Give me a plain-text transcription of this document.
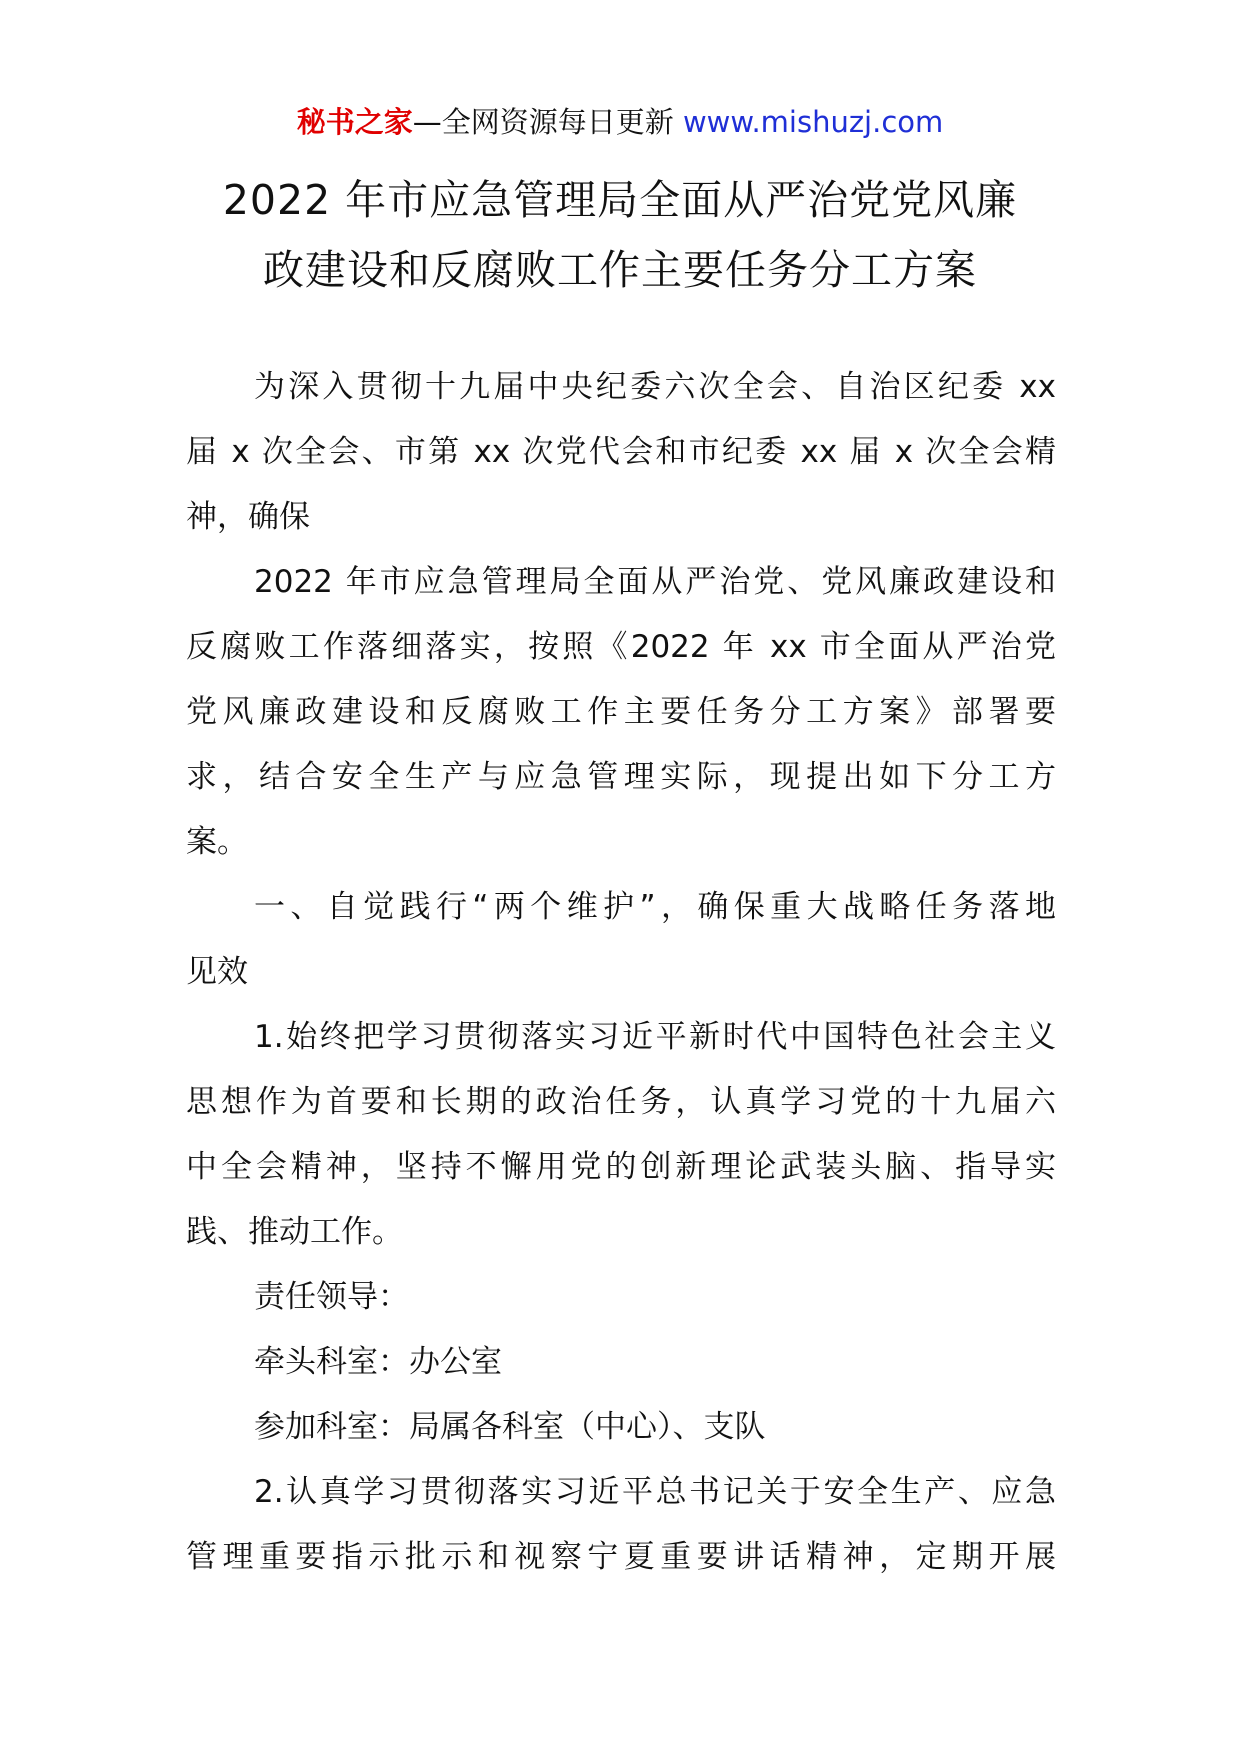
秘书之家—全网资源每日更新 www.mishuzj.com
2022 年市应急管理局全面从严治党党风廉
政建设和反腐败工作主要任务分工方案
为深入贯彻十九届中央纪委六次全会、自治区纪委 xx
届 x 次全会、市第 xx 次党代会和市纪委 xx 届 x 次全会精
神，确保
2022 年市应急管理局全面从严治党、党风廉政建设和
反腐败工作落细落实，按照《2022 年 xx 市全面从严治党
党风廉政建设和反腐败工作主要任务分工方案》部署要
求，结合安全生产与应急管理实际，现提出如下分工方
案。
一、自觉践行“两个维护”，确保重大战略任务落地
见效
1.始终把学习贯彻落实习近平新时代中国特色社会主义
思想作为首要和长期的政治任务，认真学习党的十九届六
中全会精神，坚持不懈用党的创新理论武装头脑、指导实
践、推动工作。
责任领导：
牵头科室：办公室
参加科室：局属各科室（中心）、支队
2.认真学习贯彻落实习近平总书记关于安全生产、应急
管理重要指示批示和视察宁夏重要讲话精神，定期开展
